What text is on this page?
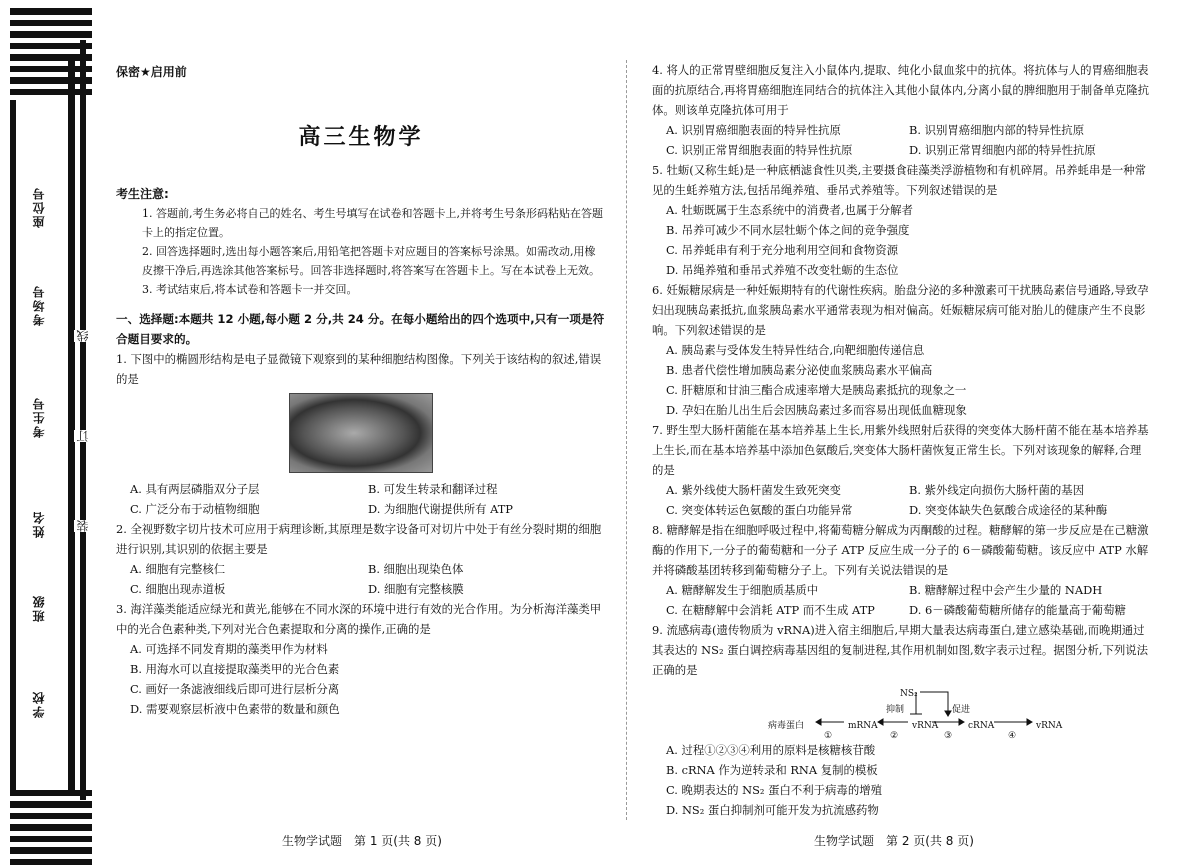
座位号
考场号
考生号
姓名
班级
学校
线
订
装
保密★启用前
高三生物学
考生注意:
1. 答题前,考生务必将自己的姓名、考生号填写在试卷和答题卡上,并将考生号条形码粘贴在答题卡上的指定位置。
2. 回答选择题时,选出每小题答案后,用铅笔把答题卡对应题目的答案标号涂黑。如需改动,用橡皮擦干净后,再选涂其他答案标号。回答非选择题时,将答案写在答题卡上。写在本试卷上无效。
3. 考试结束后,将本试卷和答题卡一并交回。
一、选择题:本题共 12 小题,每小题 2 分,共 24 分。在每小题给出的四个选项中,只有一项是符合题目要求的。

1. 下图中的椭圆形结构是电子显微镜下观察到的某种细胞结构图像。下列关于该结构的叙述,错误的是

A. 具有两层磷脂双分子层	B. 可发生转录和翻译过程
C. 广泛分布于动植物细胞	D. 为细胞代谢提供所有 ATP

2. 全视野数字切片技术可应用于病理诊断,其原理是数字设备可对切片中处于有丝分裂时期的细胞进行识别,其识别的依据主要是

A. 细胞有完整核仁	B. 细胞出现染色体
C. 细胞出现赤道板	D. 细胞有完整核膜

3. 海洋藻类能适应绿光和黄光,能够在不同水深的环境中进行有效的光合作用。为分析海洋藻类甲中的光合色素种类,下列对光合色素提取和分离的操作,正确的是

A. 可选择不同发育期的藻类甲作为材料
B. 用海水可以直接提取藻类甲的光合色素
C. 画好一条滤液细线后即可进行层析分离
D. 需要观察层析液中色素带的数量和颜色
生物学试题　第 1 页(共 8 页)

4. 将人的正常胃壁细胞反复注入小鼠体内,提取、纯化小鼠血浆中的抗体。将抗体与人的胃癌细胞表面的抗原结合,再将胃癌细胞连同结合的抗体注入其他小鼠体内,分离小鼠的脾细胞用于制备单克隆抗体。则该单克隆抗体可用于

A. 识别胃癌细胞表面的特异性抗原	B. 识别胃癌细胞内部的特异性抗原
C. 识别正常胃细胞表面的特异性抗原	D. 识别正常胃细胞内部的特异性抗原

5. 牡蛎(又称生蚝)是一种底栖滤食性贝类,主要摄食硅藻类浮游植物和有机碎屑。吊养蚝串是一种常见的生蚝养殖方法,包括吊绳养殖、垂吊式养殖等。下列叙述错误的是

A. 牡蛎既属于生态系统中的消费者,也属于分解者
B. 吊养可减少不同水层牡蛎个体之间的竞争强度
C. 吊养蚝串有利于充分地利用空间和食物资源
D. 吊绳养殖和垂吊式养殖不改变牡蛎的生态位

6. 妊娠糖尿病是一种妊娠期特有的代谢性疾病。胎盘分泌的多种激素可干扰胰岛素信号通路,导致孕妇出现胰岛素抵抗,血浆胰岛素水平通常表现为相对偏高。妊娠糖尿病可能对胎儿的健康产生不良影响。下列叙述错误的是

A. 胰岛素与受体发生特异性结合,向靶细胞传递信息
B. 患者代偿性增加胰岛素分泌使血浆胰岛素水平偏高
C. 肝糖原和甘油三酯合成速率增大是胰岛素抵抗的现象之一
D. 孕妇在胎儿出生后会因胰岛素过多而容易出现低血糖现象

7. 野生型大肠杆菌能在基本培养基上生长,用紫外线照射后获得的突变体大肠杆菌不能在基本培养基上生长,而在基本培养基中添加色氨酸后,突变体大肠杆菌恢复正常生长。下列对该现象的解释,合理的是

A. 紫外线使大肠杆菌发生致死突变	B. 紫外线定向损伤大肠杆菌的基因
C. 突变体转运色氨酸的蛋白功能异常	D. 突变体缺失色氨酸合成途径的某种酶

8. 糖酵解是指在细胞呼吸过程中,将葡萄糖分解成为丙酮酸的过程。糖酵解的第一步反应是在己糖激酶的作用下,一分子的葡萄糖和一分子 ATP 反应生成一分子的 6－磷酸葡萄糖。该反应中 ATP 水解并将磷酸基团转移到葡萄糖分子上。下列有关说法错误的是

A. 糖酵解发生于细胞质基质中	B. 糖酵解过程中会产生少量的 NADH
C. 在糖酵解中会消耗 ATP 而不生成 ATP	D. 6－磷酸葡萄糖所储存的能量高于葡萄糖

9. 流感病毒(遗传物质为 vRNA)进入宿主细胞后,早期大量表达病毒蛋白,建立感染基础,而晚期通过其表达的 NS₂ 蛋白调控病毒基因组的复制进程,其作用机制如图,数字表示过程。据图分析,下列说法正确的是

NS₂
抑制	促进
病毒蛋白	mRNA	vRNA	cRNA	vRNA
①	②	③	④
A. 过程①②③④利用的原料是核糖核苷酸
B. cRNA 作为逆转录和 RNA 复制的模板
C. 晚期表达的 NS₂ 蛋白不利于病毒的增殖
D. NS₂ 蛋白抑制剂可能开发为抗流感药物
生物学试题　第 2 页(共 8 页)
